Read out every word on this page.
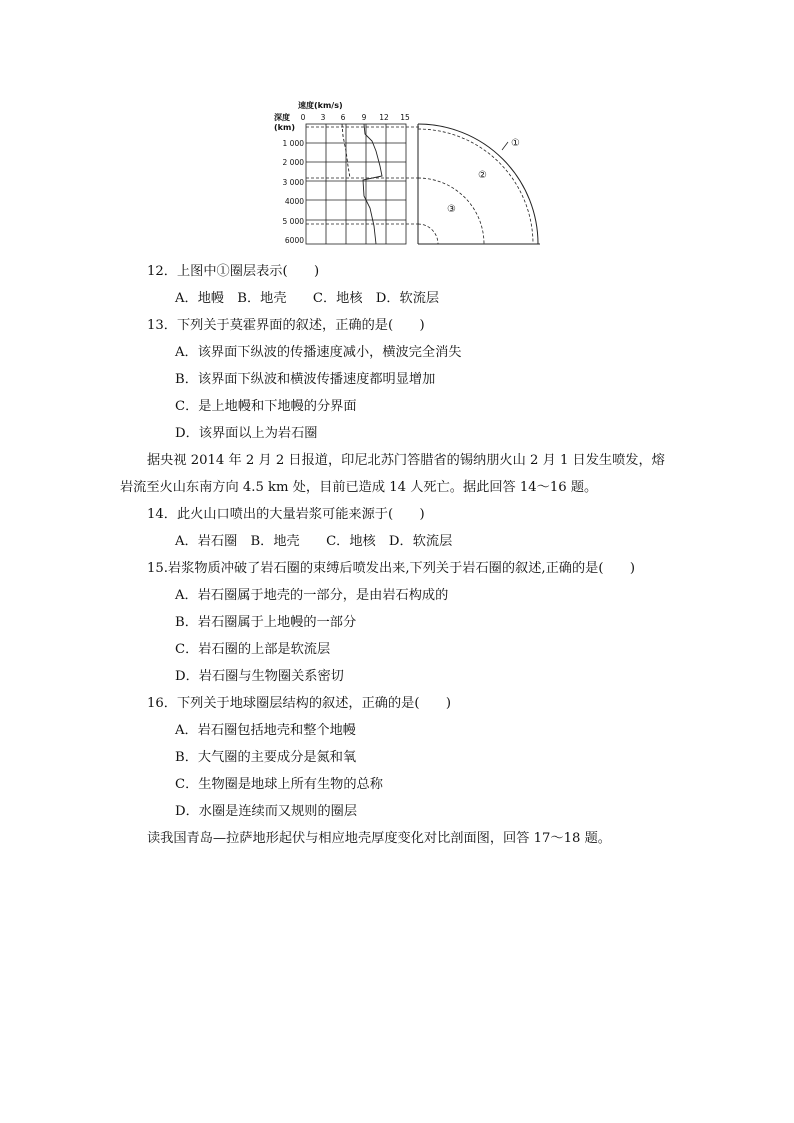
速度(km/s)
深度
(km)
0 3 6 9 12 15
1 000
2 000
3 000
4000
5 000
6000
①
②
③
12．上图中①圈层表示(　　)
A．地幔　B．地壳　　C．地核　D．软流层
13．下列关于莫霍界面的叙述，正确的是(　　)
A．该界面下纵波的传播速度减小，横波完全消失
B．该界面下纵波和横波传播速度都明显增加
C．是上地幔和下地幔的分界面
D．该界面以上为岩石圈
据央视 2014 年 2 月 2 日报道，印尼北苏门答腊省的锡纳朋火山 2 月 1 日发生喷发，熔
岩流至火山东南方向 4.5 km 处，目前已造成 14 人死亡。据此回答 14～16 题。
14．此火山口喷出的大量岩浆可能来源于(　　)
A．岩石圈　B．地壳　　C．地核　D．软流层
15.岩浆物质冲破了岩石圈的束缚后喷发出来,下列关于岩石圈的叙述,正确的是(　　)
A．岩石圈属于地壳的一部分，是由岩石构成的
B．岩石圈属于上地幔的一部分
C．岩石圈的上部是软流层
D．岩石圈与生物圈关系密切
16．下列关于地球圈层结构的叙述，正确的是(　　)
A．岩石圈包括地壳和整个地幔
B．大气圈的主要成分是氮和氧
C．生物圈是地球上所有生物的总称
D．水圈是连续而又规则的圈层
读我国青岛—拉萨地形起伏与相应地壳厚度变化对比剖面图，回答 17～18 题。
